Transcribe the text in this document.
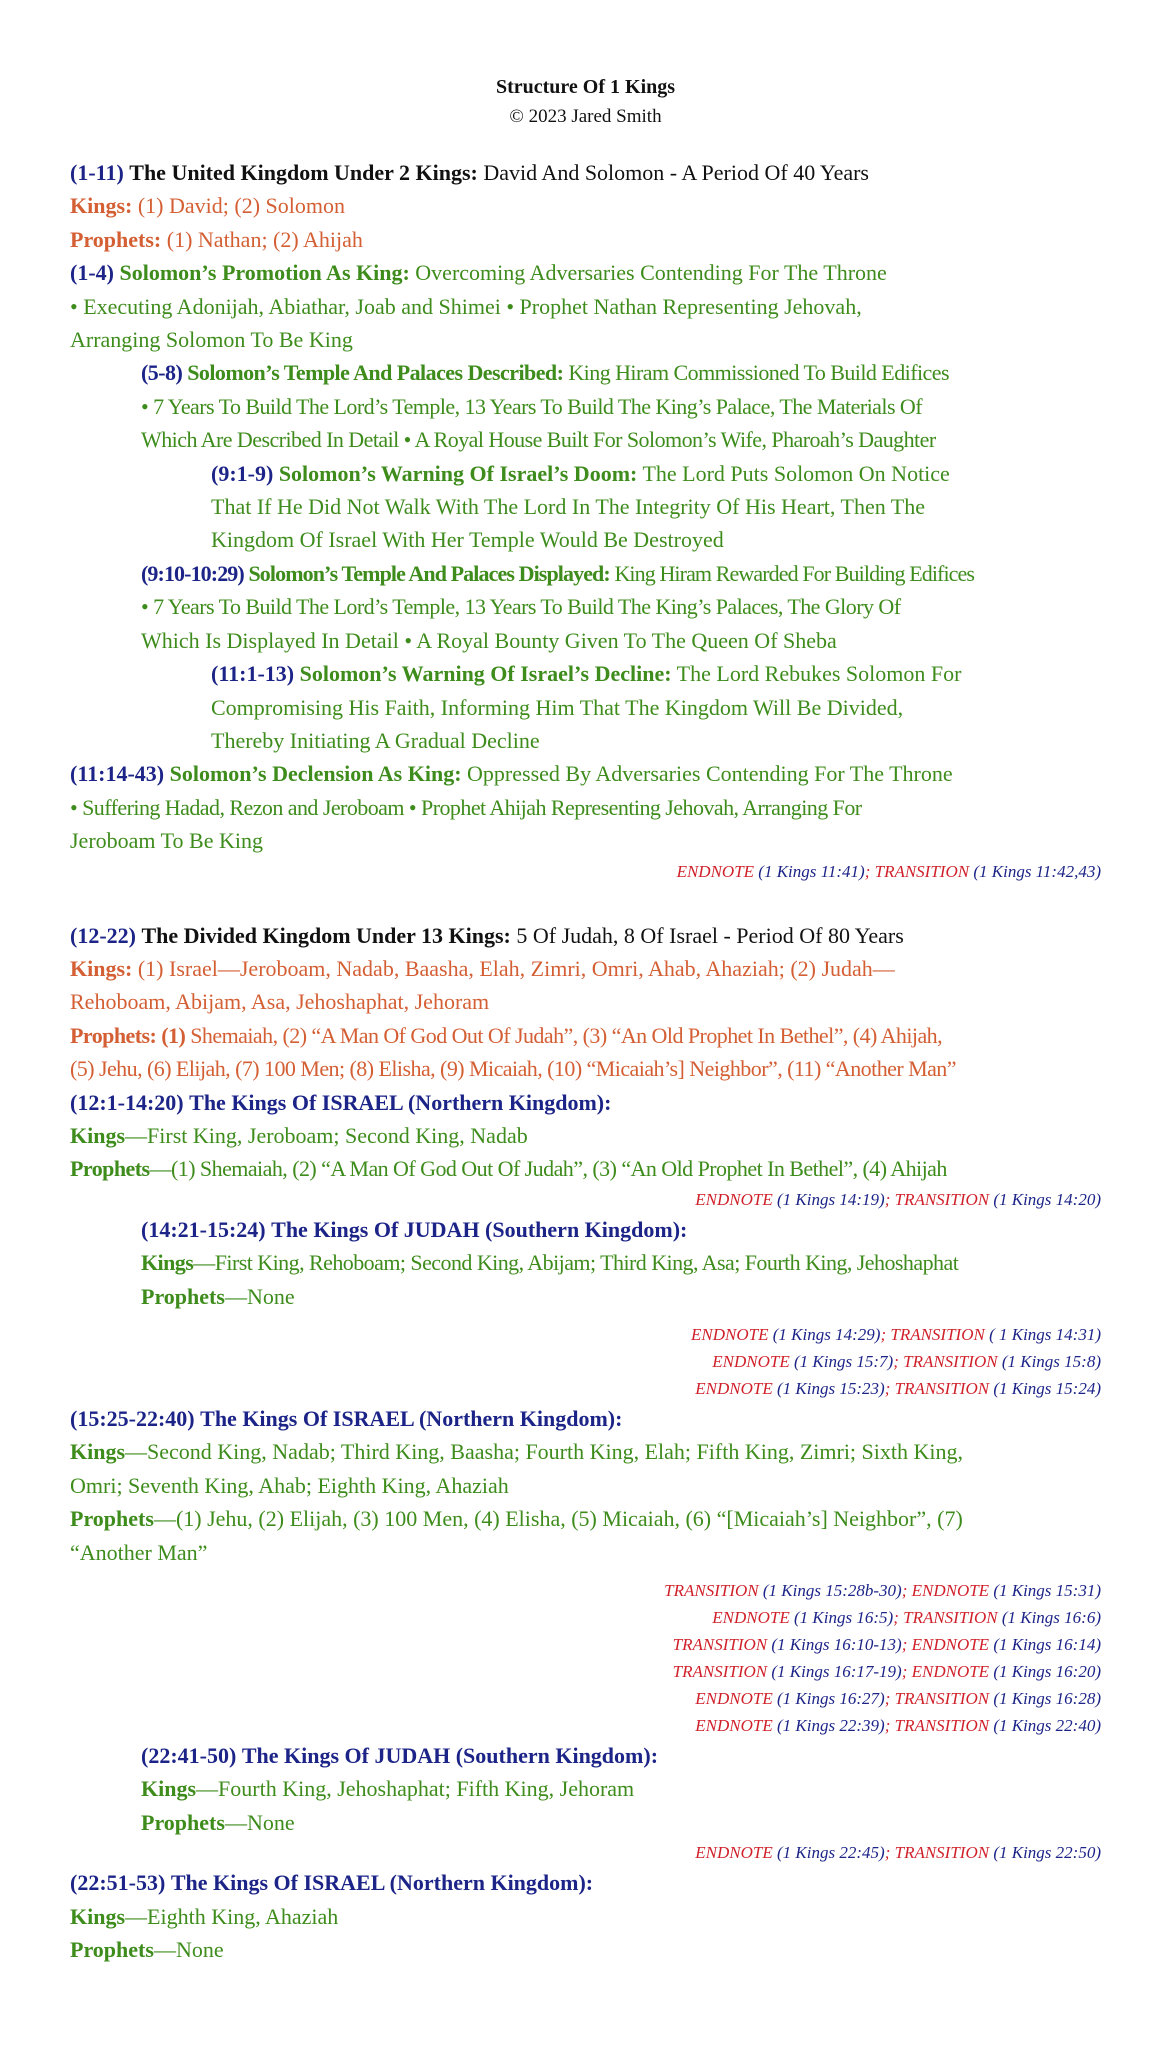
Structure Of 1 Kings

© 2023 Jared Smith

(1-11) The United Kingdom Under 2 Kings: David And Solomon - A Period Of 40 Years
Kings: (1) David; (2) Solomon
Prophets: (1) Nathan; (2) Ahijah
(1-4) Solomon’s Promotion As King: Overcoming Adversaries Contending For The Throne
• Executing Adonijah, Abiathar, Joab and Shimei • Prophet Nathan Representing Jehovah,
Arranging Solomon To Be King
(5-8) Solomon’s Temple And Palaces Described: King Hiram Commissioned To Build Edifices
• 7 Years To Build The Lord’s Temple, 13 Years To Build The King’s Palace, The Materials Of
Which Are Described In Detail • A Royal House Built For Solomon’s Wife, Pharoah’s Daughter
(9:1-9) Solomon’s Warning Of Israel’s Doom: The Lord Puts Solomon On Notice
That If He Did Not Walk With The Lord In The Integrity Of His Heart, Then The
Kingdom Of Israel With Her Temple Would Be Destroyed
(9:10-10:29) Solomon’s Temple And Palaces Displayed: King Hiram Rewarded For Building Edifices
• 7 Years To Build The Lord’s Temple, 13 Years To Build The King’s Palaces, The Glory Of
Which Is Displayed In Detail • A Royal Bounty Given To The Queen Of Sheba
(11:1-13) Solomon’s Warning Of Israel’s Decline: The Lord Rebukes Solomon For
Compromising His Faith, Informing Him That The Kingdom Will Be Divided,
Thereby Initiating A Gradual Decline
(11:14-43) Solomon’s Declension As King: Oppressed By Adversaries Contending For The Throne
• Suffering Hadad, Rezon and Jeroboam • Prophet Ahijah Representing Jehovah, Arranging For
Jeroboam To Be King
ENDNOTE (1 Kings 11:41); TRANSITION (1 Kings 11:42,43)
(12-22) The Divided Kingdom Under 13 Kings: 5 Of Judah, 8 Of Israel - Period Of 80 Years
Kings: (1) Israel—Jeroboam, Nadab, Baasha, Elah, Zimri, Omri, Ahab, Ahaziah; (2) Judah—
Rehoboam, Abijam, Asa, Jehoshaphat, Jehoram
Prophets: (1) Shemaiah, (2) “A Man Of God Out Of Judah”, (3) “An Old Prophet In Bethel”, (4) Ahijah,
(5) Jehu, (6) Elijah, (7) 100 Men; (8) Elisha, (9) Micaiah, (10) “Micaiah’s] Neighbor”, (11) “Another Man”
(12:1-14:20) The Kings Of ISRAEL (Northern Kingdom):
Kings—First King, Jeroboam; Second King, Nadab
Prophets—(1) Shemaiah, (2) “A Man Of God Out Of Judah”, (3) “An Old Prophet In Bethel”, (4) Ahijah
ENDNOTE (1 Kings 14:19); TRANSITION (1 Kings 14:20)
(14:21-15:24) The Kings Of JUDAH (Southern Kingdom):
Kings—First King, Rehoboam; Second King, Abijam; Third King, Asa; Fourth King, Jehoshaphat
Prophets—None
ENDNOTE (1 Kings 14:29); TRANSITION ( 1 Kings 14:31)
ENDNOTE (1 Kings 15:7); TRANSITION (1 Kings 15:8)
ENDNOTE (1 Kings 15:23); TRANSITION (1 Kings 15:24)
(15:25-22:40) The Kings Of ISRAEL (Northern Kingdom):
Kings—Second King, Nadab; Third King, Baasha; Fourth King, Elah; Fifth King, Zimri; Sixth King,
Omri; Seventh King, Ahab; Eighth King, Ahaziah
Prophets—(1) Jehu, (2) Elijah, (3) 100 Men, (4) Elisha, (5) Micaiah, (6) “[Micaiah’s] Neighbor”, (7)
“Another Man”
TRANSITION (1 Kings 15:28b-30); ENDNOTE (1 Kings 15:31)
ENDNOTE (1 Kings 16:5); TRANSITION (1 Kings 16:6)
TRANSITION (1 Kings 16:10-13); ENDNOTE (1 Kings 16:14)
TRANSITION (1 Kings 16:17-19); ENDNOTE (1 Kings 16:20)
ENDNOTE (1 Kings 16:27); TRANSITION (1 Kings 16:28)
ENDNOTE (1 Kings 22:39); TRANSITION (1 Kings 22:40)
(22:41-50) The Kings Of JUDAH (Southern Kingdom):
Kings—Fourth King, Jehoshaphat; Fifth King, Jehoram
Prophets—None
ENDNOTE (1 Kings 22:45); TRANSITION (1 Kings 22:50)
(22:51-53) The Kings Of ISRAEL (Northern Kingdom):
Kings—Eighth King, Ahaziah
Prophets—None
